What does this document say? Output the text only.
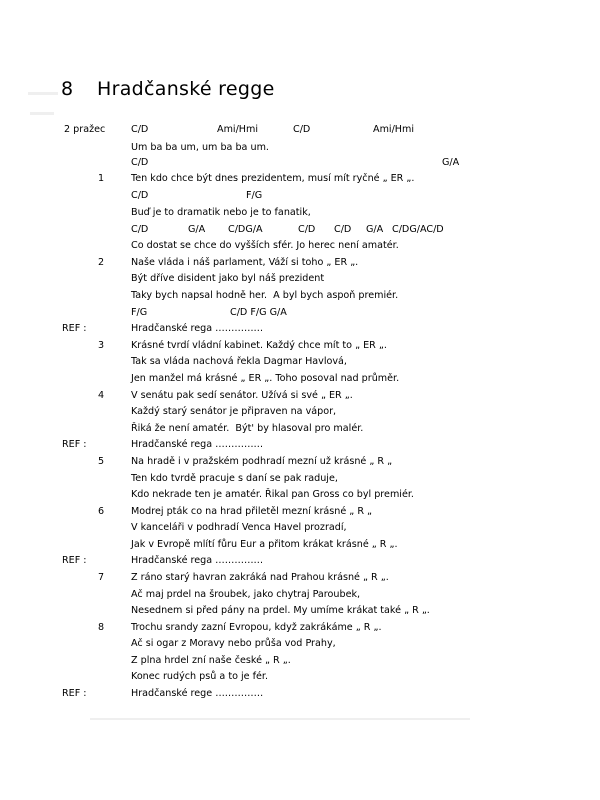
8 Hradčanské regge
2 pražec	C/D	Ami/Hmi	C/D	Ami/Hmi
Um ba ba um, um ba ba um.
C/D	G/A
1	Ten kdo chce být dnes prezidentem, musí mít ryčné „ ER „.
C/D	F/G
Buď je to dramatik nebo je to fanatik,
C/D	G/A C/DG/A	C/D C/D G/A C/DG/AC/D
Co dostat se chce do vyšších sfér. Jo herec není amatér.
2	Naše vláda i náš parlament, Váží si toho „ ER „.
Být dříve disident jako byl náš prezident
Taky bych napsal hodně her.  A byl bych aspoň premiér.
F/G	C/D F/G G/A
REF :	Hradčanské rega ……………
3	Krásné tvrdí vládní kabinet. Každý chce mít to „ ER „.
Tak sa vláda nachová řekla Dagmar Havlová,
Jen manžel má krásné „ ER „. Toho posoval nad průměr.
4	V senátu pak sedí senátor. Užívá si své „ ER „.
Každý starý senátor je připraven na vápor,
Řiká že není amatér.  Být' by hlasoval pro malér.
REF :	Hradčanské rega ……………
5	Na hradě i v pražském podhradí mezní už krásné „ R „
Ten kdo tvrdě pracuje s daní se pak raduje,
Kdo nekrade ten je amatér. Řikal pan Gross co byl premiér.
6	Modrej pták co na hrad přiletěl mezní krásné „ R „
V kanceláři v podhradí Venca Havel prozradí,
Jak v Evropě mlítí fůru Eur a přitom krákat krásné „ R „.
REF :	Hradčanské rega ……………
7	Z ráno starý havran zakráká nad Prahou krásné „ R „.
Ač maj prdel na šroubek, jako chytraj Paroubek,
Nesednem si před pány na prdel. My umíme krákat také „ R „.
8	Trochu srandy zazní Evropou, když zakrákáme „ R „.
Ač si ogar z Moravy nebo průša vod Prahy,
Z plna hrdel zní naše české „ R „.
Konec rudých psů a to je fér.
REF :	Hradčanské rege ……………
